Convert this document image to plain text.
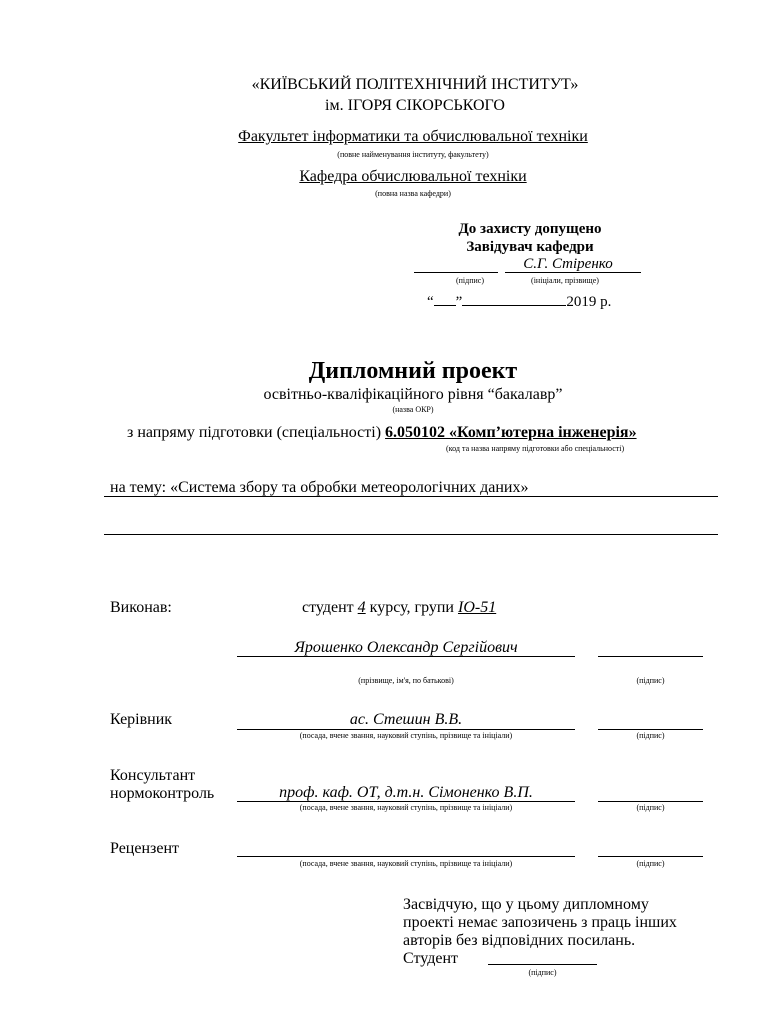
«КИЇВСЬКИЙ ПОЛІТЕХНІЧНИЙ ІНСТИТУТ»
ім. ІГОРЯ СІКОРСЬКОГО
Факультет інформатики та обчислювальної техніки
(повне найменування інституту, факультету)
Кафедра обчислювальної техніки
(повна назва кафедри)
До захисту допущено
Завідувач кафедри
С.Г. Стіренко
(підпис)	(ініціали, прізвище)
“ ”	2019 р.
Дипломний проект
освітньо-кваліфікаційного рівня “бакалавр”
(назва ОКР)
з напряму підготовки (спеціальності) 6.050102 «Комп’ютерна інженерія»
(код та назва напряму підготовки або спеціальності)
на тему: «Система збору та обробки метеорологічних даних»
Виконав:	студент 4 курсу, групи ІО-51
Ярошенко Олександр Сергійович
(прізвище, ім'я, по батькові)	(підпис)
Керівник	ас. Стешин В.В.
(посада, вчене звання, науковий ступінь, прізвище та ініціали)	(підпис)
Консультант
нормоконтроль	проф. каф. ОТ, д.т.н. Сімоненко В.П.
(посада, вчене звання, науковий ступінь, прізвище та ініціали)	(підпис)
Рецензент
(посада, вчене звання, науковий ступінь, прізвище та ініціали)	(підпис)
Засвідчую, що у цьому дипломному
проекті немає запозичень з праць інших
авторів без відповідних посилань.
Студент
(підпис)
